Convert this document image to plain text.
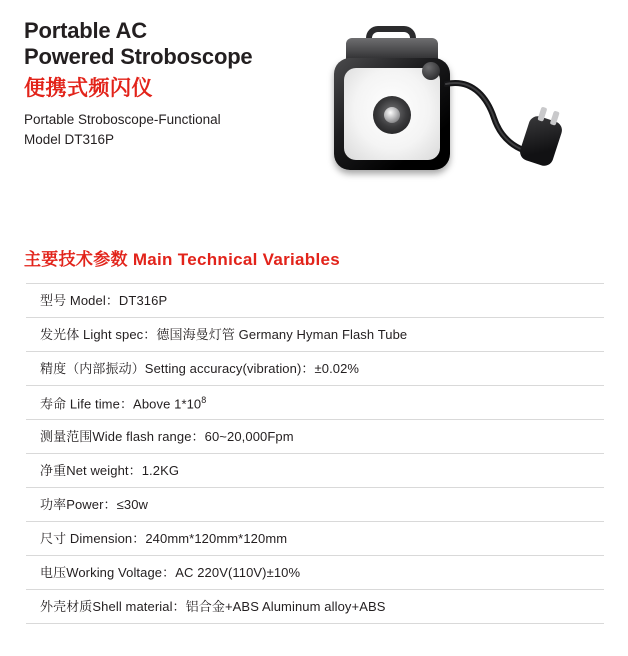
Portable AC
Powered Stroboscope
便携式频闪仪
Portable Stroboscope-Functional
Model DT316P
主要技术参数 Main Technical Variables
型号 Model：DT316P
发光体 Light spec：德国海曼灯管 Germany Hyman Flash Tube
精度（内部振动）Setting accuracy(vibration)：±0.02%
寿命 Life time：Above $1*10^8$
测量范围Wide flash range：60~20,000Fpm
净重Net weight：1.2KG
功率Power：≤30w
尺寸 Dimension：240mm*120mm*120mm
电压Working Voltage：AC 220V(110V)±10%
外壳材质Shell material：铝合金+ABS Aluminum alloy+ABS
